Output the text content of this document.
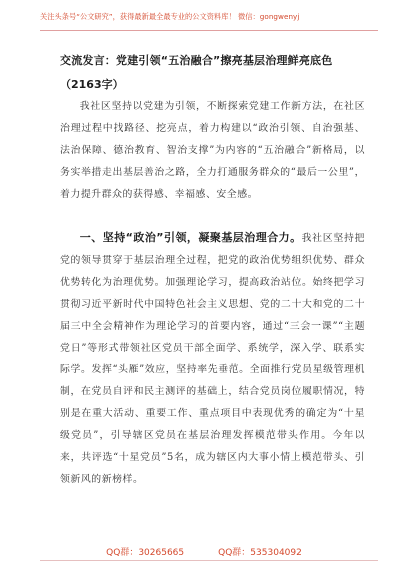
关注头条号“公文研究”，获得最新最全最专业的公文资料库！ 微信：gongwenyj
交流发言：党建引领“五治融合”擦亮基层治理鲜亮底色
（2163字）

我社区坚持以党建为引领，不断探索党建工作新方法，在社区治理过程中找路径、挖亮点，着力构建以“政治引领、自治强基、法治保障、德治教育、智治支撑”为内容的“五治融合”新格局，以务实举措走出基层善治之路，全力打通服务群众的“最后一公里”，着力提升群众的获得感、幸福感、安全感。

一、坚持“政治”引领，凝聚基层治理合力。我社区坚持把党的领导贯穿于基层治理全过程，把党的政治优势组织优势、群众优势转化为治理优势。加强理论学习，提高政治站位。始终把学习贯彻习近平新时代中国特色社会主义思想、党的二十大和党的二十届三中全会精神作为理论学习的首要内容，通过“三会一课”“主题党日”等形式带领社区党员干部全面学、系统学，深入学、联系实际学。发挥“头雁”效应，坚持率先垂范。全面推行党员星级管理机制，在党员自评和民主测评的基础上，结合党员岗位履职情况，特别是在重大活动、重要工作、重点项目中表现优秀的确定为“十星级党员”，引导辖区党员在基层治理发挥模范带头作用。今年以来，共评选“十星党员”5名，成为辖区内大事小情上模范带头、引领新风的新榜样。

QQ群：30265665	QQ群：535304092
